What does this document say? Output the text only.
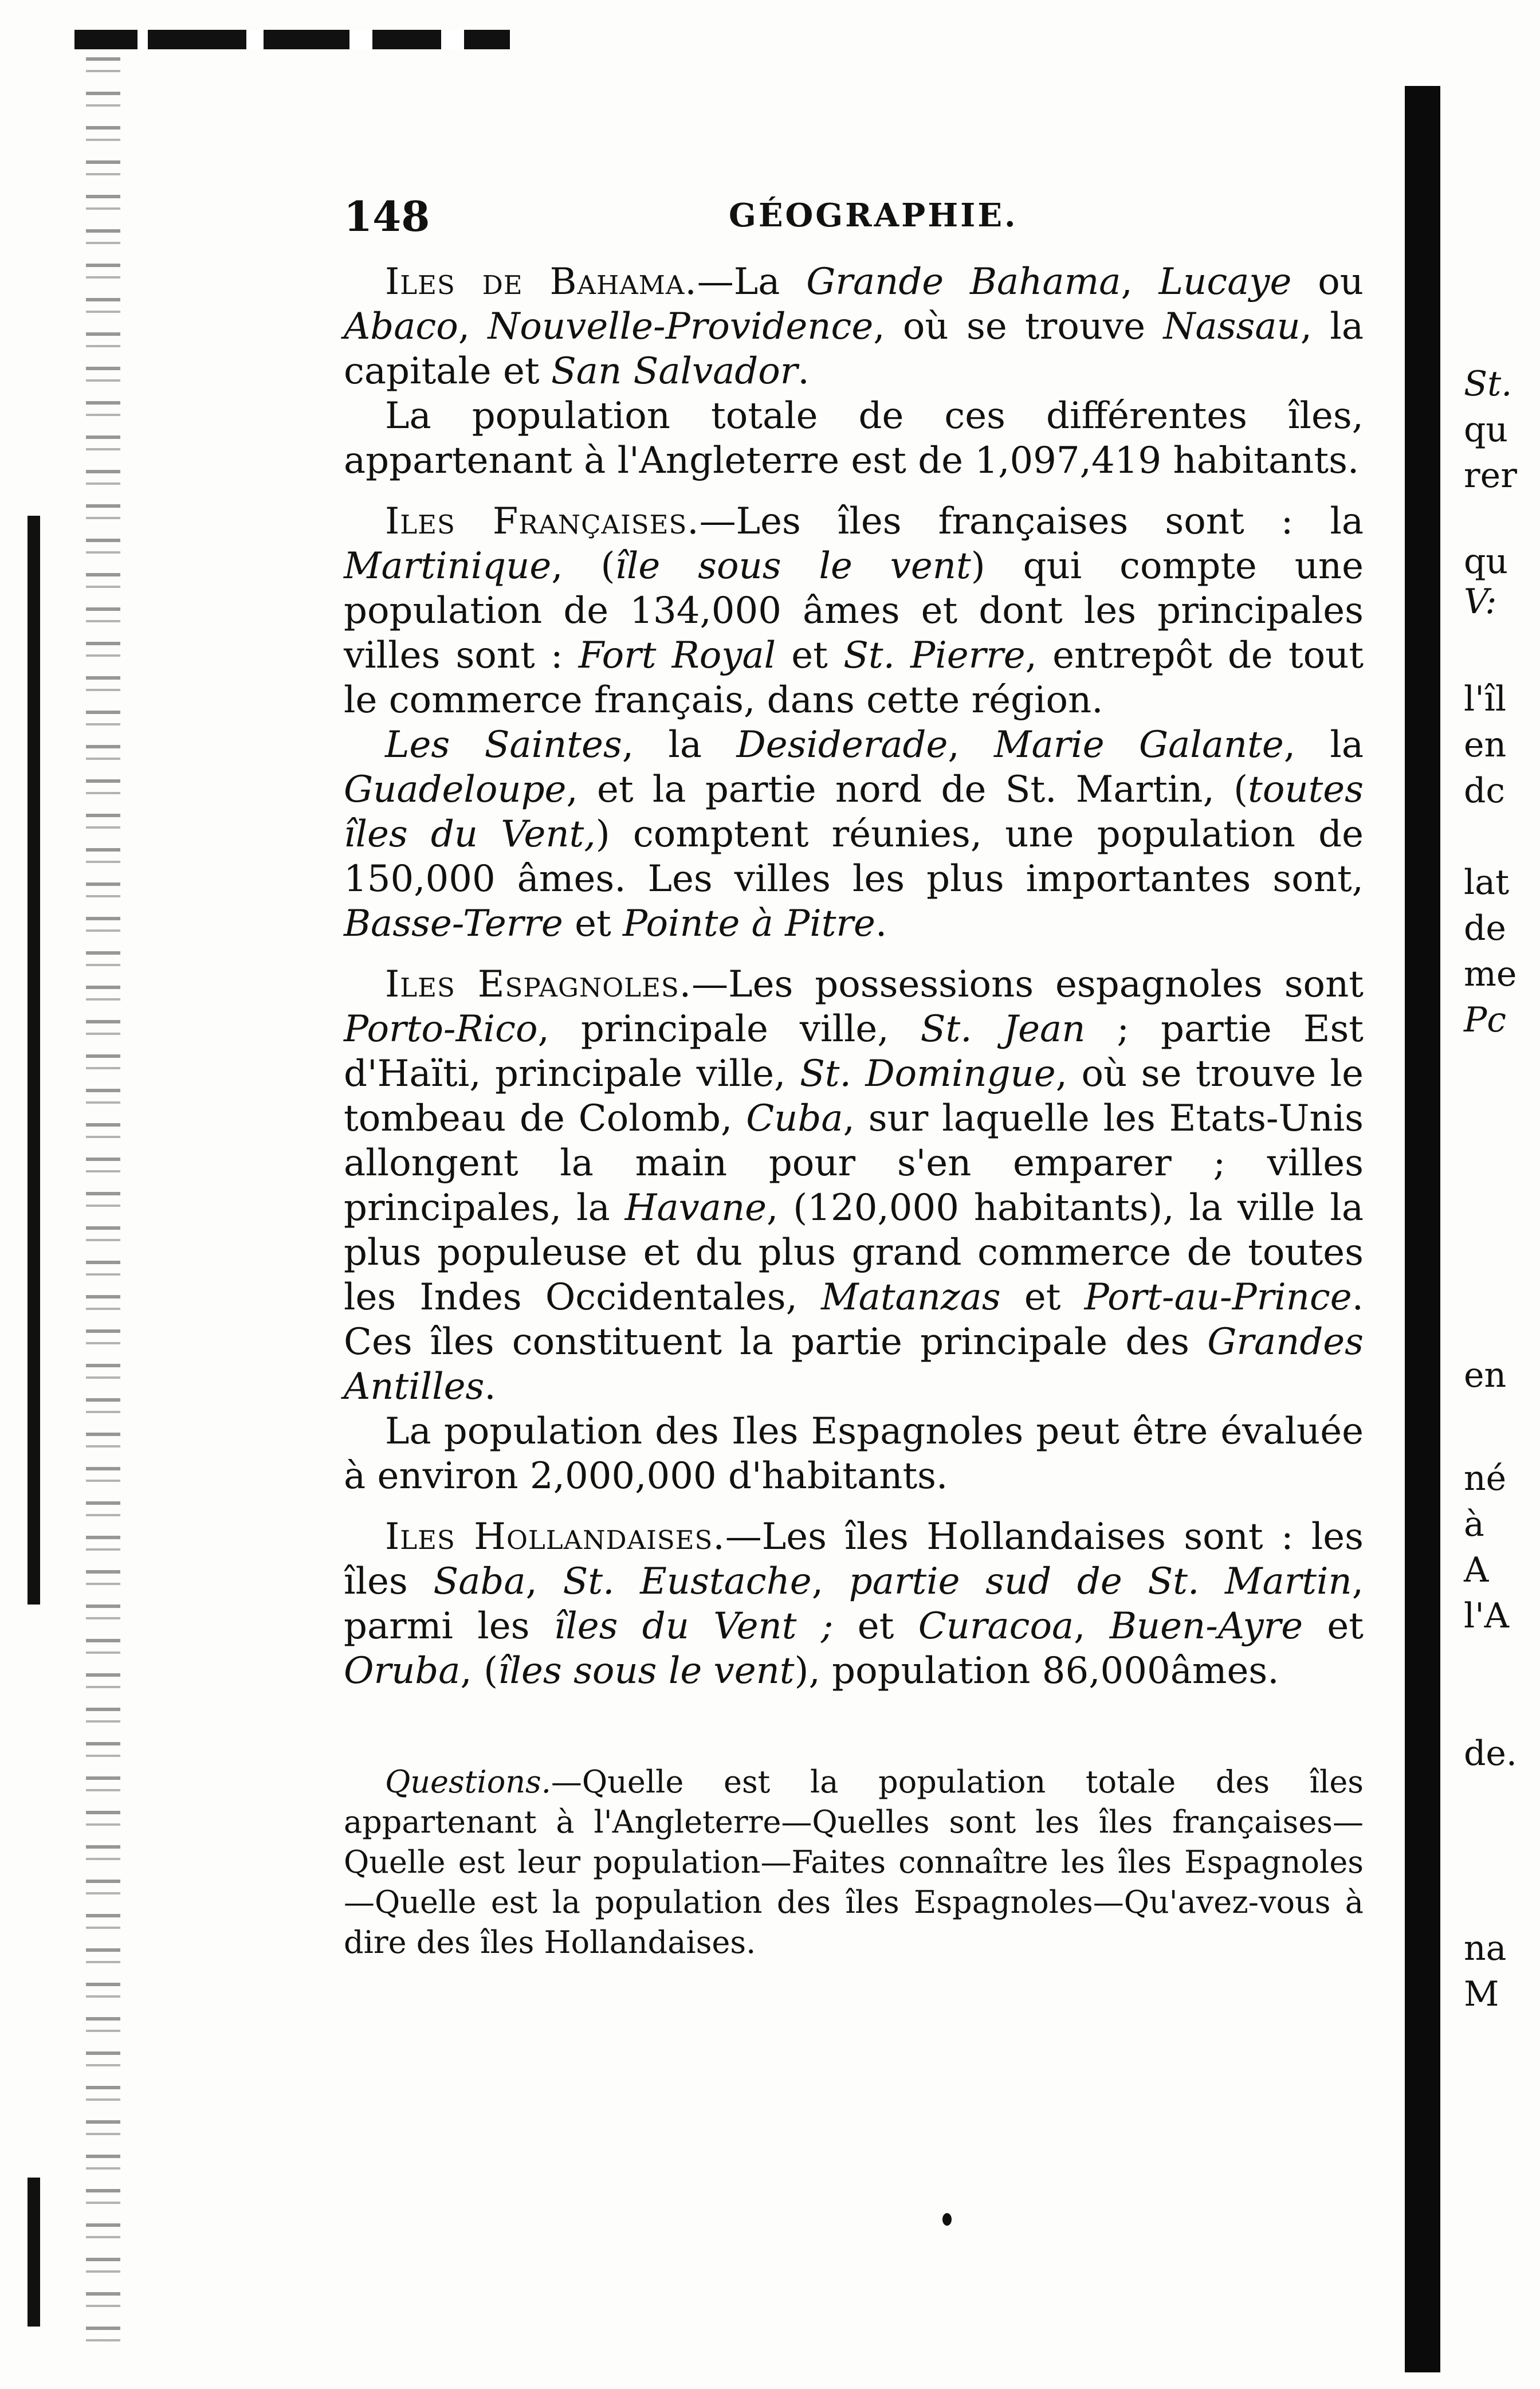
St.
qu
rer
qu
V:
l'îl
en
dc
lat
de
me
Pc
en
né
à
A
l'A
de.
na
M
148	GÉOGRAPHIE.

Iles de Bahama.—La Grande Bahama, Lucaye ou Abaco, Nouvelle-Providence, où se trouve Nassau, la capitale et San Salvador.

La population totale de ces différentes îles, appartenant à l'Angleterre est de 1,097,419 habitants.

Iles Françaises.—Les îles françaises sont : la Martinique, (île sous le vent) qui compte une population de 134,000 âmes et dont les principales villes sont : Fort Royal et St. Pierre, entrepôt de tout le commerce français, dans cette région.

Les Saintes, la Desiderade, Marie Galante, la Guadeloupe, et la partie nord de St. Martin, (toutes îles du Vent,) comptent réunies, une population de 150,000 âmes. Les villes les plus importantes sont, Basse-Terre et Pointe à Pitre.

Iles Espagnoles.—Les possessions espagnoles sont Porto-Rico, principale ville, St. Jean ; partie Est d'Haïti, principale ville, St. Domingue, où se trouve le tombeau de Colomb, Cuba, sur laquelle les Etats-Unis allongent la main pour s'en emparer ; villes principales, la Havane, (120,000 habitants), la ville la plus populeuse et du plus grand commerce de toutes les Indes Occidentales, Matanzas et Port-au-Prince. Ces îles constituent la partie principale des Grandes Antilles.

La population des Iles Espagnoles peut être évaluée à environ 2,000,000 d'habitants.

Iles Hollandaises.—Les îles Hollandaises sont : les îles Saba, St. Eustache, partie sud de St. Martin, parmi les îles du Vent ; et Curacoa, Buen-Ayre et Oruba, (îles sous le vent), population 86,000âmes.

Questions.—Quelle est la population totale des îles appartenant à l'Angleterre—Quelles sont les îles françaises—Quelle est leur population—Faites connaître les îles Espagnoles—Quelle est la population des îles Espagnoles—Qu'avez-vous à dire des îles Hollandaises.
